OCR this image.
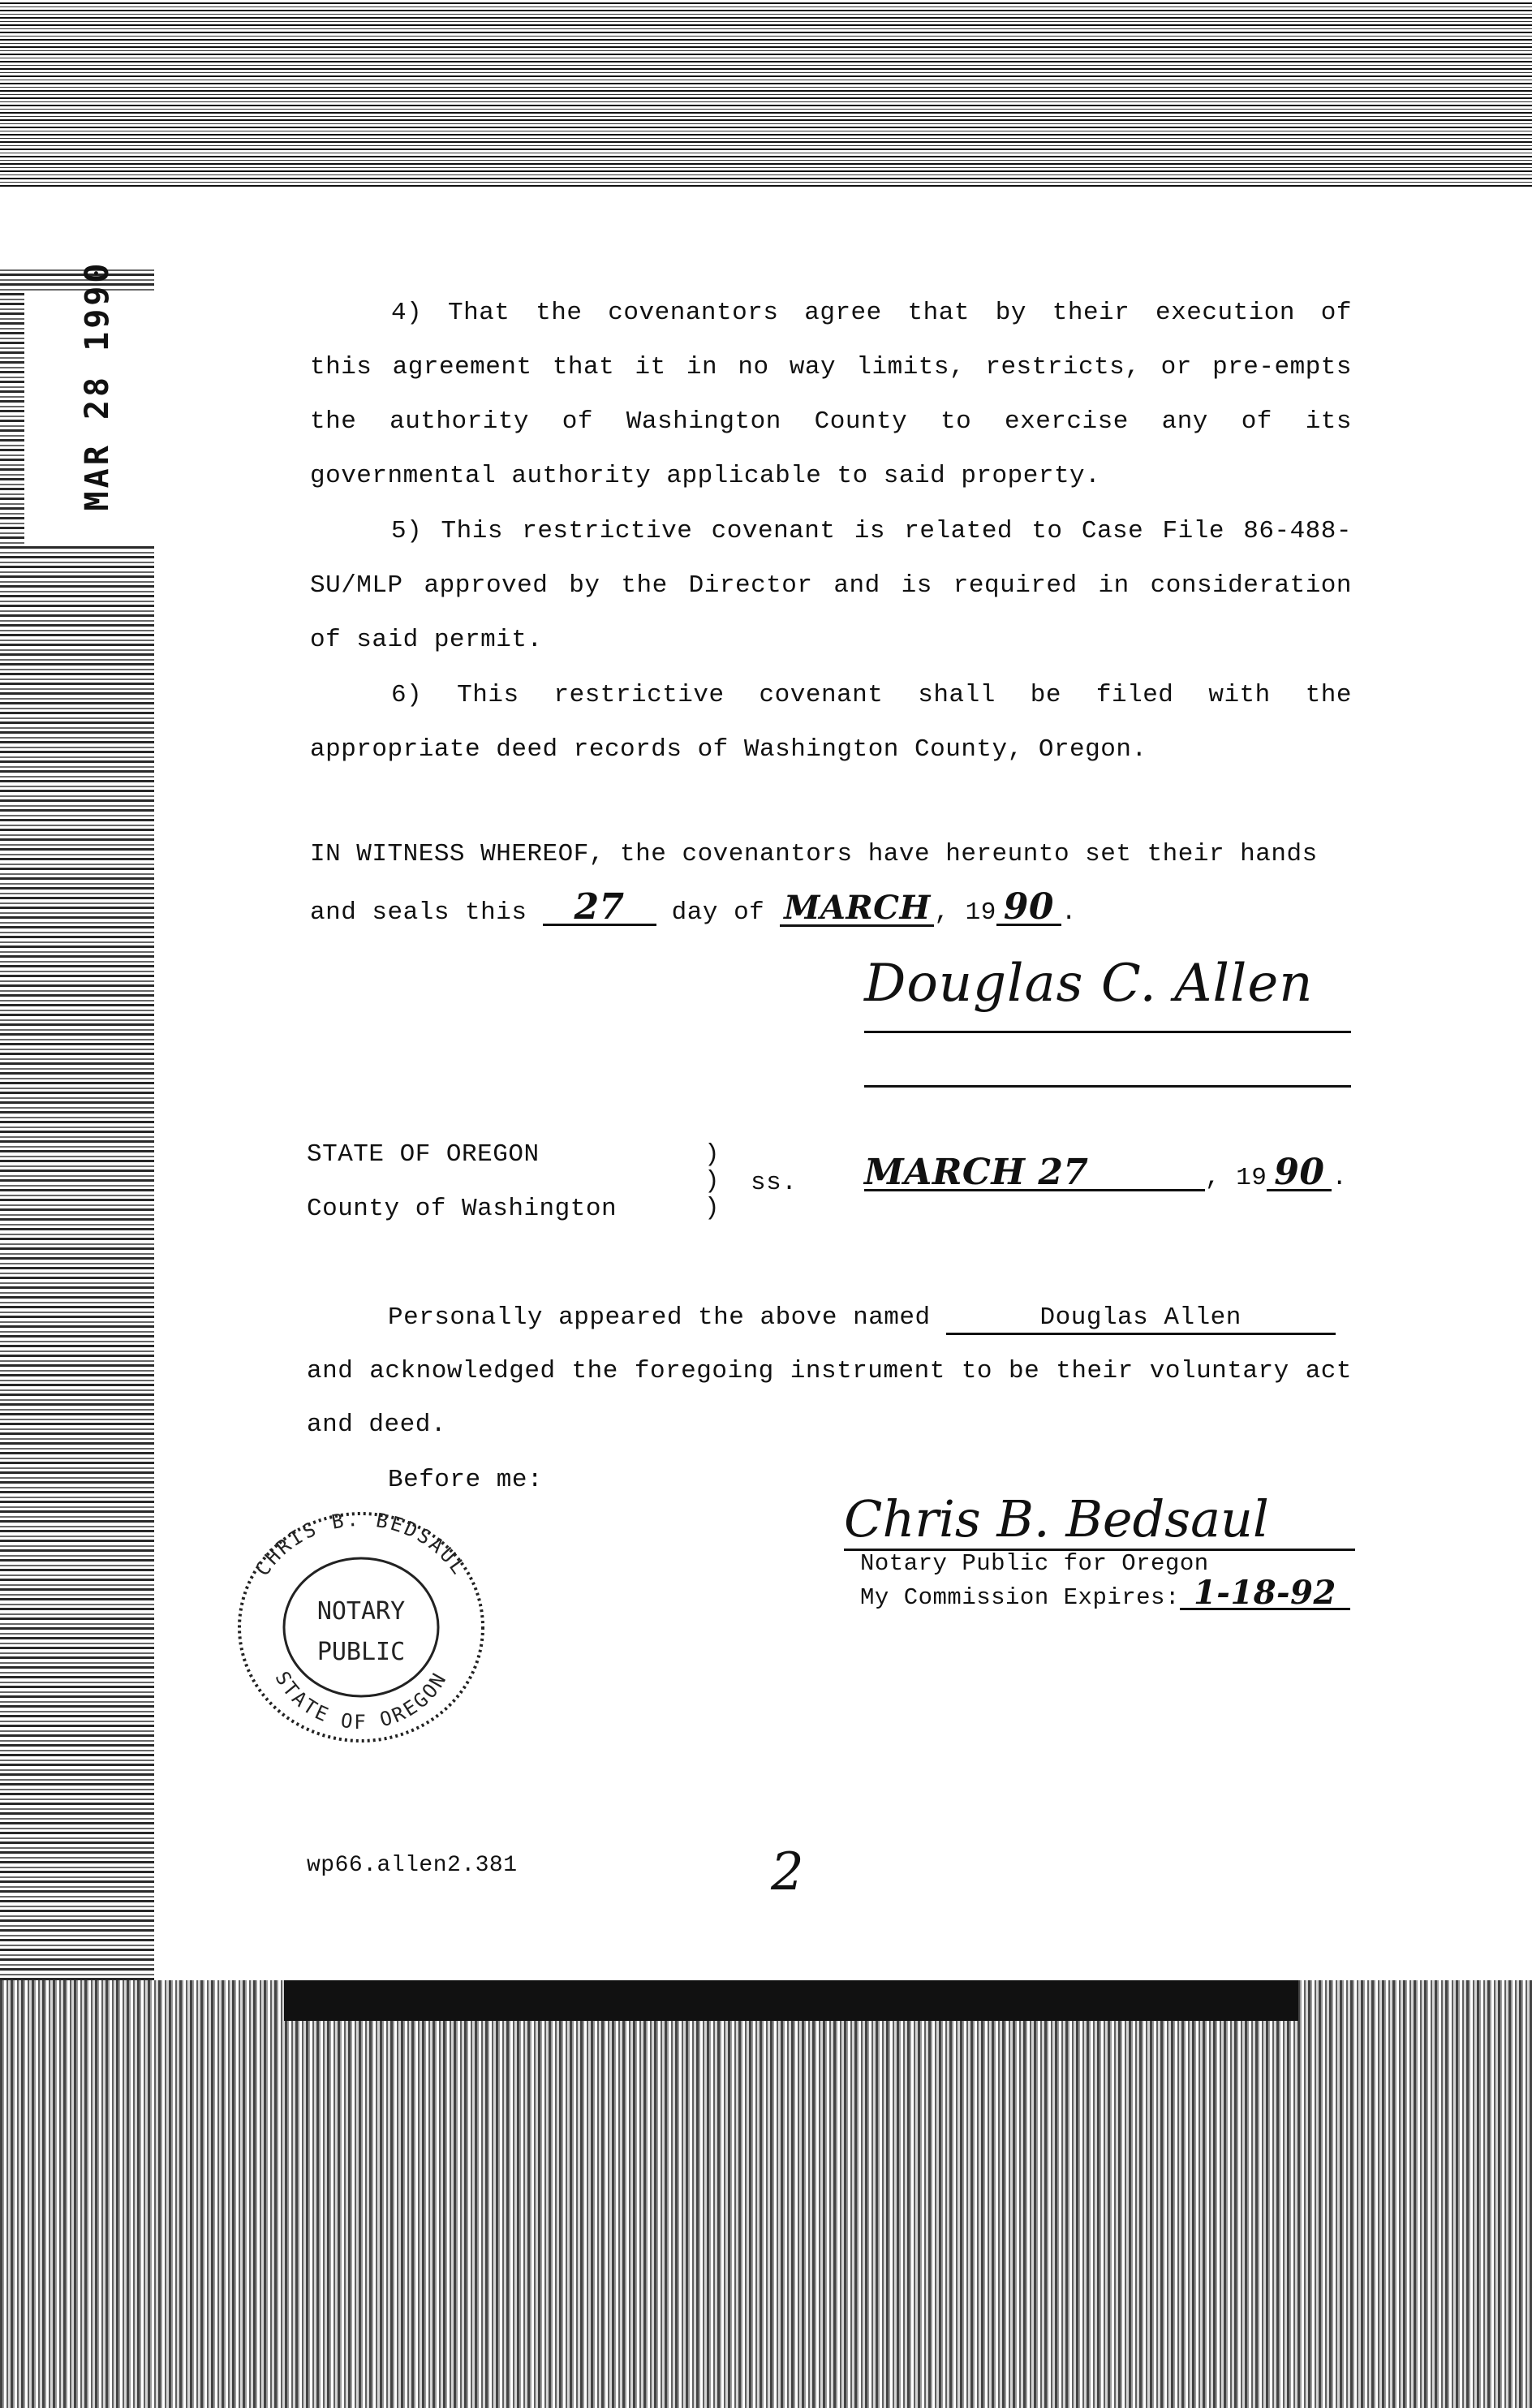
MAR 28 1990	4) That the covenantors agree that by their execution of
this agreement that it in no way limits, restricts, or pre-empts
the authority of Washington County to exercise any of its
governmental authority applicable to said property.
5) This restrictive covenant is related to Case File 86-488-
SU/MLP approved by the Director and is required in consideration
of said permit.
6) This restrictive covenant shall be filed with the
appropriate deed records of Washington County, Oregon.
IN WITNESS WHEREOF, the covenantors have hereunto set their hands
and seals this 27 day of MARCH , 19 90 .
Douglas C. Allen
STATE OF OREGON
County of Washington
)
)
)
ss. MARCH 27	, 19 90 .
Personally appeared the above named	Douglas Allen
and acknowledged the foregoing instrument to be their voluntary act
and deed.
Before me:
Chris B. Bedsaul
Notary Public for Oregon
My Commission Expires: 1-18-92
CHRIS B. BEDSAUL
STATE OF OREGON
NOTARY
PUBLIC
wp66.allen2.381	2
